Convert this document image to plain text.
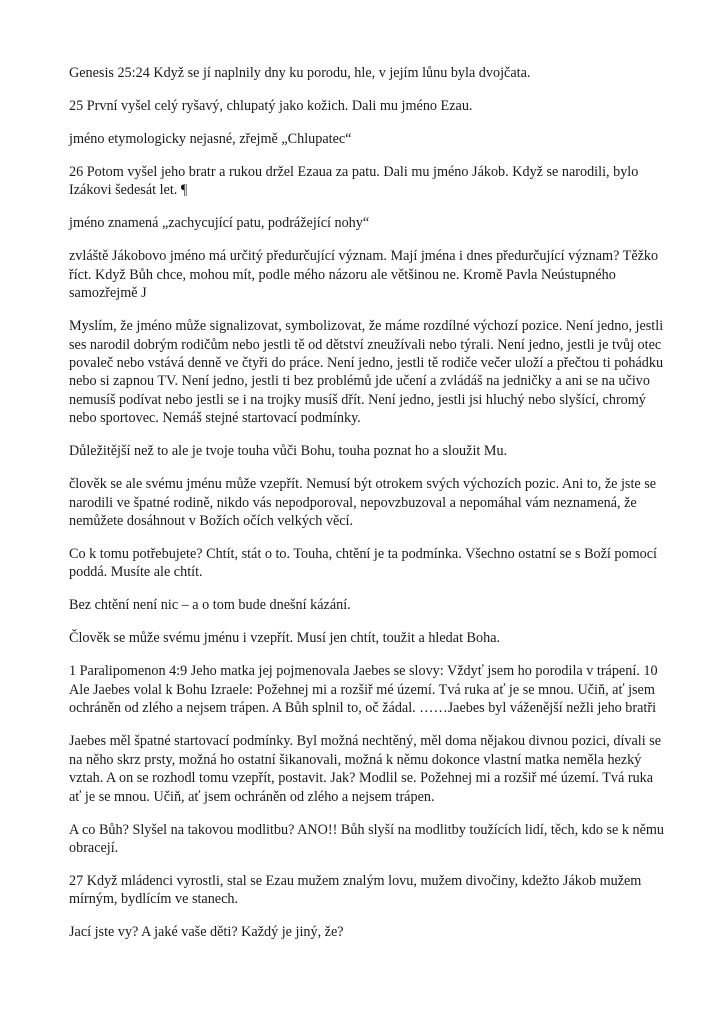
Genesis 25:24 Když se jí naplnily dny ku porodu, hle, v jejím lůnu byla dvojčata.

25 První vyšel celý ryšavý, chlupatý jako kožich. Dali mu jméno Ezau.

jméno etymologicky nejasné, zřejmě „Chlupatec“

26 Potom vyšel jeho bratr a rukou držel Ezaua za patu. Dali mu jméno Jákob. Když se narodili, bylo Izákovi šedesát let. ¶

jméno znamená „zachycující patu, podrážející nohy“

zvláště Jákobovo jméno má určitý předurčující význam. Mají jména i dnes předurčující význam? Těžko říct. Když Bůh chce, mohou mít, podle mého názoru ale většinou ne. Kromě Pavla Neústupného samozřejmě J

Myslím, že jméno může signalizovat, symbolizovat, že máme rozdílné výchozí pozice. Není jedno, jestli ses narodil dobrým rodičům nebo jestli tě od dětství zneužívali nebo týrali. Není jedno, jestli je tvůj otec povaleč nebo vstává denně ve čtyři do práce. Není jedno, jestli tě rodiče večer uloží a přečtou ti pohádku nebo si zapnou TV. Není jedno, jestli ti bez problémů jde učení a zvládáš na jedničky a ani se na učivo nemusíš podívat nebo jestli se i na trojky musíš dřít. Není jedno, jestli jsi hluchý nebo slyšící, chromý nebo sportovec. Nemáš stejné startovací podmínky.

Důležitější než to ale je tvoje touha vůči Bohu, touha poznat ho a sloužit Mu.

člověk se ale svému jménu může vzepřít. Nemusí být otrokem svých výchozích pozic. Ani to, že jste se narodili ve špatné rodině, nikdo vás nepodporoval, nepovzbuzoval a nepomáhal vám neznamená, že nemůžete dosáhnout v Božích očích velkých věcí.

Co k tomu potřebujete? Chtít, stát o to. Touha, chtění je ta podmínka. Všechno ostatní se s Boží pomocí poddá. Musíte ale chtít.

Bez chtění není nic – a o tom bude dnešní kázání.

Člověk se může svému jménu i vzepřít. Musí jen chtít, toužit a hledat Boha.

1 Paralipomenon 4:9 Jeho matka jej pojmenovala Jaebes se slovy: Vždyť jsem ho porodila v trápení. 10 Ale Jaebes volal k Bohu Izraele: Požehnej mi a rozšiř mé území. Tvá ruka ať je se mnou. Učiň, ať jsem ochráněn od zlého a nejsem trápen. A Bůh splnil to, oč žádal. ……Jaebes byl váženější nežli jeho bratři

Jaebes měl špatné startovací podmínky. Byl možná nechtěný, měl doma nějakou divnou pozici, dívali se na něho skrz prsty, možná ho ostatní šikanovali, možná k němu dokonce vlastní matka neměla hezký vztah. A on se rozhodl tomu vzepřít, postavit. Jak? Modlil se. Požehnej mi a rozšiř mé území. Tvá ruka ať je se mnou. Učiň, ať jsem ochráněn od zlého a nejsem trápen.

A co Bůh? Slyšel na takovou modlitbu? ANO!! Bůh slyší na modlitby toužících lidí, těch, kdo se k němu obracejí.

27 Když mládenci vyrostli, stal se Ezau mužem znalým lovu, mužem divočiny, kdežto Jákob mužem mírným, bydlícím ve stanech.

Jací jste vy? A jaké vaše děti? Každý je jiný, že?
